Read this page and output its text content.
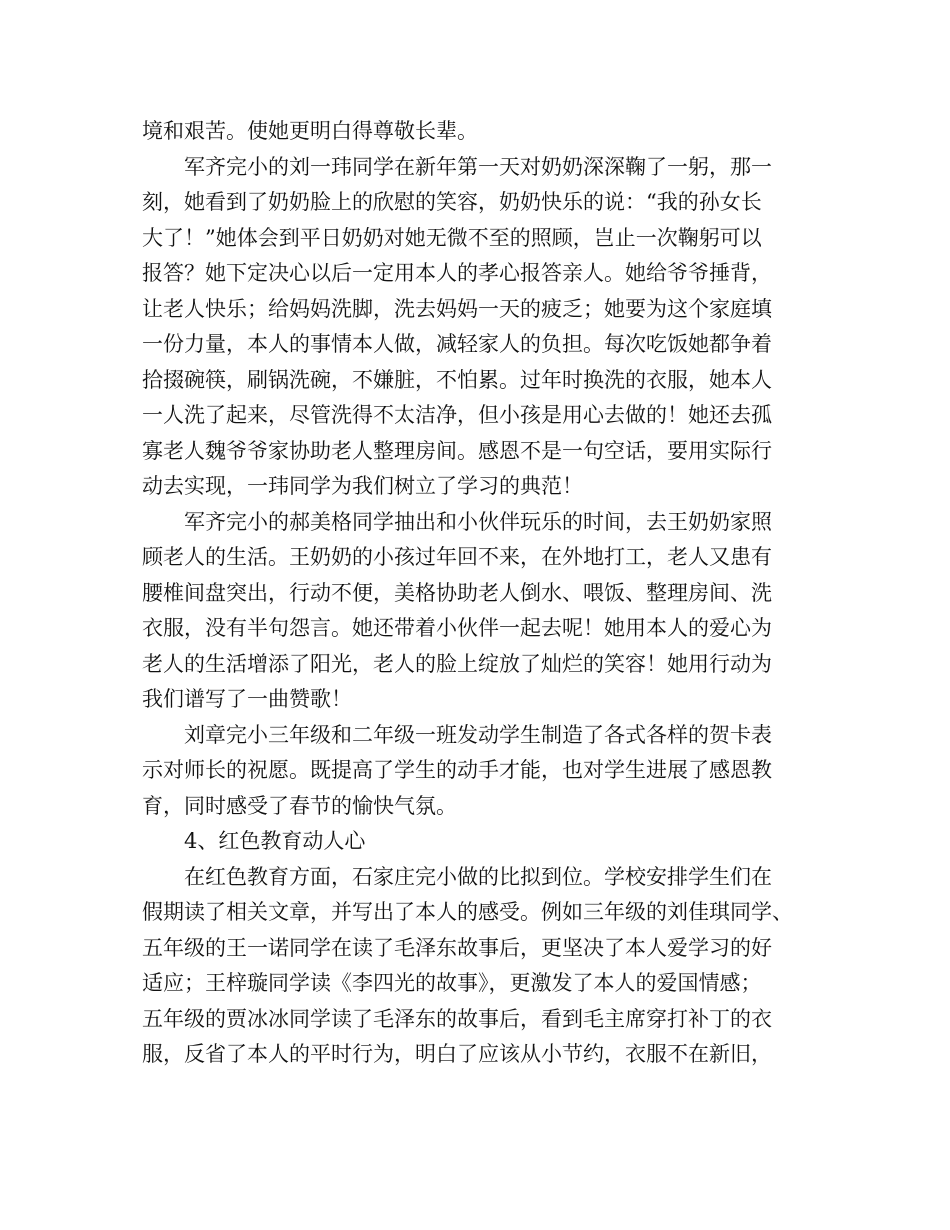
境和艰苦。使她更明白得尊敬长辈。
军齐完小的刘一玮同学在新年第一天对奶奶深深鞠了一躬，那一
刻，她看到了奶奶脸上的欣慰的笑容，奶奶快乐的说：“我的孙女长
大了！”她体会到平日奶奶对她无微不至的照顾，岂止一次鞠躬可以
报答？她下定决心以后一定用本人的孝心报答亲人。她给爷爷捶背，
让老人快乐；给妈妈洗脚，洗去妈妈一天的疲乏；她要为这个家庭填
一份力量，本人的事情本人做，减轻家人的负担。每次吃饭她都争着
拾掇碗筷，刷锅洗碗，不嫌脏，不怕累。过年时换洗的衣服，她本人
一人洗了起来，尽管洗得不太洁净，但小孩是用心去做的！她还去孤
寡老人魏爷爷家协助老人整理房间。感恩不是一句空话，要用实际行
动去实现，一玮同学为我们树立了学习的典范！
军齐完小的郝美格同学抽出和小伙伴玩乐的时间，去王奶奶家照
顾老人的生活。王奶奶的小孩过年回不来，在外地打工，老人又患有
腰椎间盘突出，行动不便，美格协助老人倒水、喂饭、整理房间、洗
衣服，没有半句怨言。她还带着小伙伴一起去呢！她用本人的爱心为
老人的生活增添了阳光，老人的脸上绽放了灿烂的笑容！她用行动为
我们谱写了一曲赞歌！
刘章完小三年级和二年级一班发动学生制造了各式各样的贺卡表
示对师长的祝愿。既提高了学生的动手才能，也对学生进展了感恩教
育，同时感受了春节的愉快气氛。
4、红色教育动人心
在红色教育方面，石家庄完小做的比拟到位。学校安排学生们在
假期读了相关文章，并写出了本人的感受。例如三年级的刘佳琪同学、
五年级的王一诺同学在读了毛泽东故事后，更坚决了本人爱学习的好
适应；王梓璇同学读《李四光的故事》，更激发了本人的爱国情感；
五年级的贾冰冰同学读了毛泽东的故事后，看到毛主席穿打补丁的衣
服，反省了本人的平时行为，明白了应该从小节约，衣服不在新旧，
